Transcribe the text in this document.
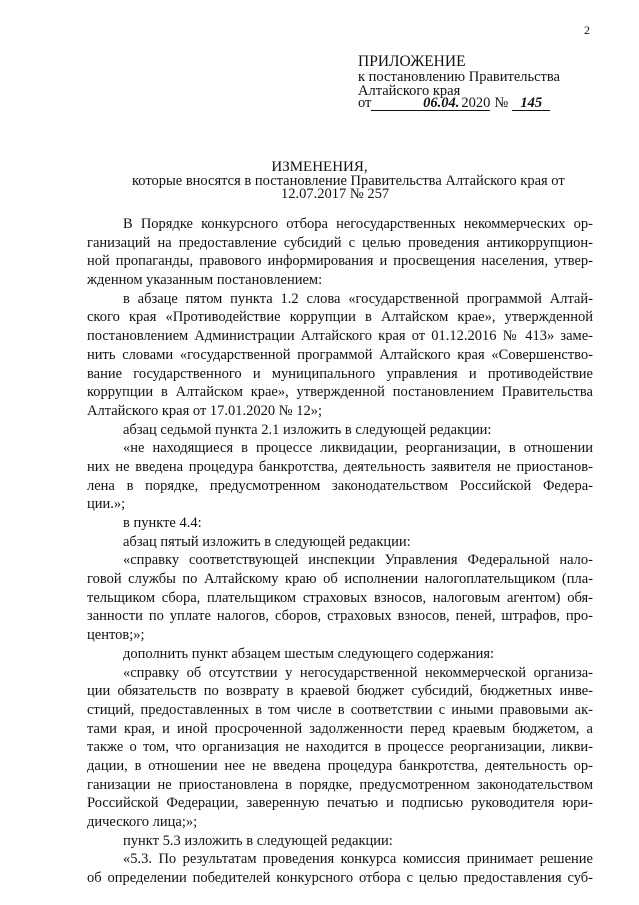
2
ПРИЛОЖЕНИЕ
к постановлению Правительства
Алтайского края
от	06.04. 2020 № 145
ИЗМЕНЕНИЯ,
которые вносятся в постановление Правительства Алтайского края от
12.07.2017 № 257
В Порядке конкурсного отбора негосударственных некоммерческих ор-
ганизаций на предоставление субсидий с целью проведения антикоррупцион-
ной пропаганды, правового информирования и просвещения населения, утвер-
жденном указанным постановлением:
в абзаце пятом пункта 1.2 слова «государственной программой Алтай-
ского края «Противодействие коррупции в Алтайском крае», утвержденной
постановлением Администрации Алтайского края от 01.12.2016 № 413» заме-
нить словами «государственной программой Алтайского края «Совершенство-
вание государственного и муниципального управления и противодействие
коррупции в Алтайском крае», утвержденной постановлением Правительства
Алтайского края от 17.01.2020 № 12»;
абзац седьмой пункта 2.1 изложить в следующей редакции:
«не находящиеся в процессе ликвидации, реорганизации, в отношении
них не введена процедура банкротства, деятельность заявителя не приостанов-
лена в порядке, предусмотренном законодательством Российской Федера-
ции.»;
в пункте 4.4:
абзац пятый изложить в следующей редакции:
«справку соответствующей инспекции Управления Федеральной нало-
говой службы по Алтайскому краю об исполнении налогоплательщиком (пла-
тельщиком сбора, плательщиком страховых взносов, налоговым агентом) обя-
занности по уплате налогов, сборов, страховых взносов, пеней, штрафов, про-
центов;»;
дополнить пункт абзацем шестым следующего содержания:
«справку об отсутствии у негосударственной некоммерческой организа-
ции обязательств по возврату в краевой бюджет субсидий, бюджетных инве-
стиций, предоставленных в том числе в соответствии с иными правовыми ак-
тами края, и иной просроченной задолженности перед краевым бюджетом, а
также о том, что организация не находится в процессе реорганизации, ликви-
дации, в отношении нее не введена процедура банкротства, деятельность ор-
ганизации не приостановлена в порядке, предусмотренном законодательством
Российской Федерации, заверенную печатью и подписью руководителя юри-
дического лица;»;
пункт 5.3 изложить в следующей редакции:
«5.3. По результатам проведения конкурса комиссия принимает решение
об определении победителей конкурсного отбора с целью предоставления суб-
